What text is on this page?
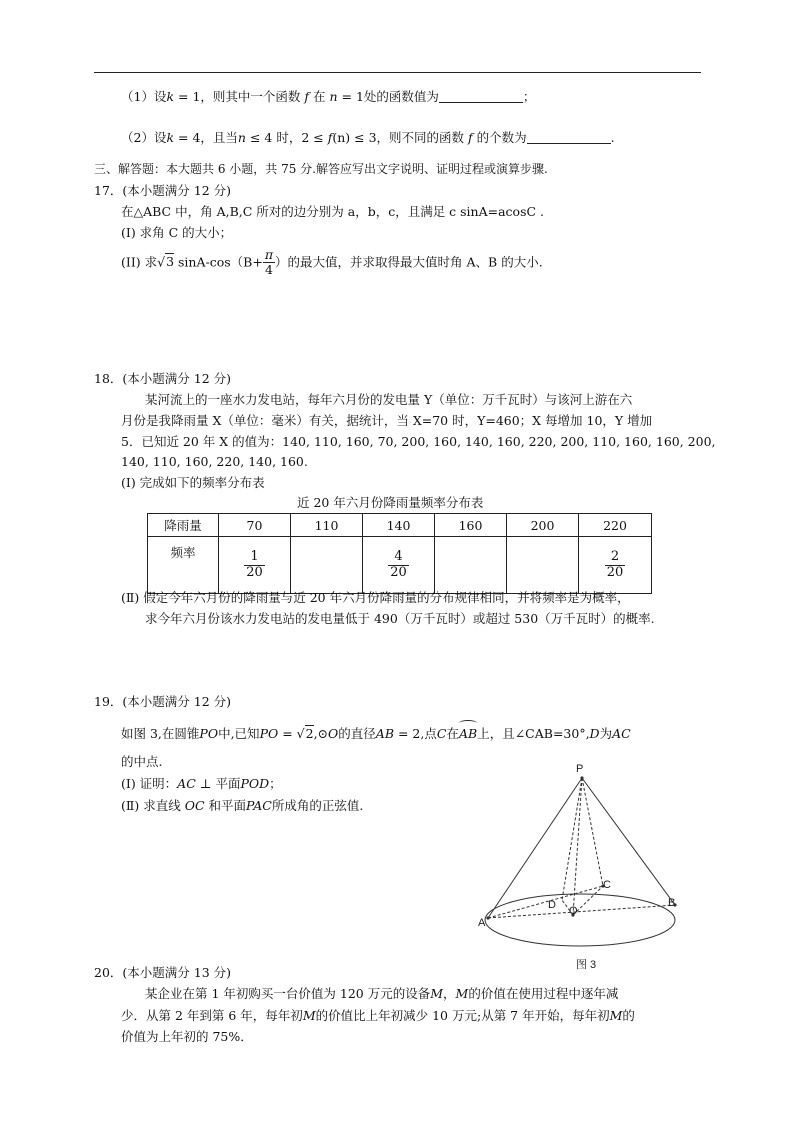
（1）设k = 1，则其中一个函数 f 在 n = 1处的函数值为	；
（2）设k = 4，且当n ≤ 4 时，2 ≤ f(n) ≤ 3，则不同的函数 f 的个数为	.
三、解答题：本大题共 6 小题，共 75 分.解答应写出文字说明、证明过程或演算步骤.
17．(本小题满分 12 分)
在△ABC 中，角 A,B,C 所对的边分别为 a，b，c，且满足 c sinA=acosC .
(I) 求角 C 的大小；
(II) 求√3 $\sin A-\cos(B+ \frac{\pi}{4}$ ）的最大值，并求取得最大值时角 A、B 的大小.
18．(本小题满分 12 分)
某河流上的一座水力发电站，每年六月份的发电量 Y（单位：万千瓦时）与该河上游在六
月份是我降雨量 X（单位：毫米）有关，据统计，当 X=70 时，Y=460；X 每增加 10，Y 增加
5．已知近 20 年 X 的值为：140, 110, 160, 70, 200, 160, 140, 160, 220, 200, 110, 160, 160, 200,
140, 110, 160, 220, 140, 160.
(Ⅰ) 完成如下的频率分布表
近 20 年六月份降雨量频率分布表
降雨量	70	110	140	160	200	220
频率	$\frac{1}{20}$		$\frac{4}{20}$			$\frac{2}{20}$
(Ⅱ) 假定今年六月份的降雨量与近 20 年六月份降雨量的分布规律相同，并将频率是为概率，
求今年六月份该水力发电站的发电量低于 490（万千瓦时）或超过 530（万千瓦时）的概率.
19．(本小题满分 12 分)
如图 3,在圆锥PO中,已知PO = √2,⊙O的直径AB = 2,点C在
AB上，且∠CAB=30°,D为AC
的中点.
(Ⅰ) 证明：AC ⊥ 平面POD；
(Ⅱ) 求直线 OC 和平面PAC所成角的正弦值.
P
A
B
C
D O
图 3
20．(本小题满分 13 分)
某企业在第 1 年初购买一台价值为 120 万元的设备M，M的价值在使用过程中逐年减
少．从第 2 年到第 6 年，每年初M的价值比上年初减少 10 万元;从第 7 年开始，每年初M的
价值为上年初的 75%．
